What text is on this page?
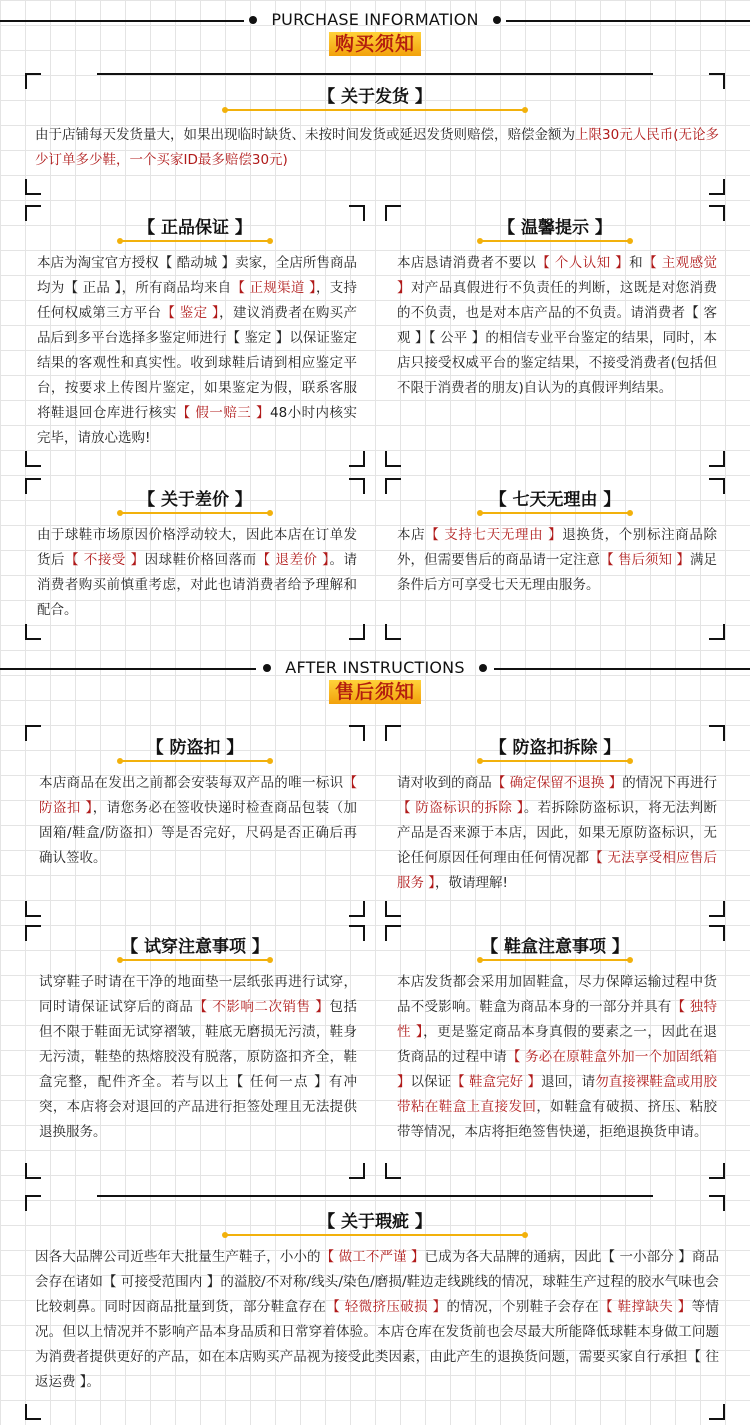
PURCHASE INFORMATION
购买须知
【 关于发货 】
由于店铺每天发货量大，如果出现临时缺货、未按时间发货或延迟发货则赔偿，赔偿金额为上限30元人民币(无论多少订单多少鞋，一个买家ID最多赔偿30元)
【 正品保证 】
本店为淘宝官方授权【 酷动城 】卖家，全店所售商品均为【 正品 】，所有商品均来自【 正规渠道 】，支持任何权威第三方平台【 鉴定 】，建议消费者在购买产品后到多平台选择多鉴定师进行【 鉴定 】以保证鉴定结果的客观性和真实性。收到球鞋后请到相应鉴定平台，按要求上传图片鉴定，如果鉴定为假，联系客服将鞋退回仓库进行核实【 假一赔三 】48小时内核实完毕，请放心选购!
【 温馨提示 】
本店恳请消费者不要以【 个人认知 】和【 主观感觉 】对产品真假进行不负责任的判断，这既是对您消费的不负责，也是对本店产品的不负责。请消费者【 客观 】【 公平 】的相信专业平台鉴定的结果，同时，本店只接受权威平台的鉴定结果，不接受消费者(包括但不限于消费者的朋友)自认为的真假评判结果。
【 关于差价 】
由于球鞋市场原因价格浮动较大，因此本店在订单发货后【 不接受 】因球鞋价格回落而【 退差价 】。请消费者购买前慎重考虑，对此也请消费者给予理解和配合。
【 七天无理由 】
本店【 支持七天无理由 】退换货，个别标注商品除外，但需要售后的商品请一定注意【 售后须知 】满足条件后方可享受七天无理由服务。
AFTER INSTRUCTIONS
售后须知
【 防盗扣 】
本店商品在发出之前都会安装每双产品的唯一标识【 防盗扣 】，请您务必在签收快递时检查商品包装（加固箱/鞋盒/防盗扣）等是否完好，尺码是否正确后再确认签收。
【 防盗扣拆除 】
请对收到的商品【 确定保留不退换 】的情况下再进行【 防盗标识的拆除 】。若拆除防盗标识，将无法判断产品是否来源于本店，因此，如果无原防盗标识，无论任何原因任何理由任何情况都【 无法享受相应售后服务 】，敬请理解!
【 试穿注意事项 】
试穿鞋子时请在干净的地面垫一层纸张再进行试穿，同时请保证试穿后的商品【 不影响二次销售 】包括但不限于鞋面无试穿褶皱，鞋底无磨损无污渍，鞋身无污渍，鞋垫的热熔胶没有脱落，原防盗扣齐全，鞋盒完整，配件齐全。若与以上【 任何一点 】有冲突，本店将会对退回的产品进行拒签处理且无法提供退换服务。
【 鞋盒注意事项 】
本店发货都会采用加固鞋盒，尽力保障运输过程中货品不受影响。鞋盒为商品本身的一部分并具有【 独特性 】，更是鉴定商品本身真假的要素之一，因此在退货商品的过程中请【 务必在原鞋盒外加一个加固纸箱 】以保证【 鞋盒完好 】退回，请勿直接裸鞋盒或用胶带粘在鞋盒上直接发回，如鞋盒有破损、挤压、粘胶带等情况，本店将拒绝签售快递，拒绝退换货申请。
【 关于瑕疵 】
因各大品牌公司近些年大批量生产鞋子，小小的【 做工不严谨 】已成为各大品牌的通病，因此【 一小部分 】商品会存在诸如【 可接受范围内 】的溢胶/不对称/线头/染色/磨损/鞋边走线跳线的情况，球鞋生产过程的胶水气味也会比较刺鼻。同时因商品批量到货，部分鞋盒存在【 轻微挤压破损 】的情况，个别鞋子会存在【 鞋撑缺失 】等情况。但以上情况并不影响产品本身品质和日常穿着体验。本店仓库在发货前也会尽最大所能降低球鞋本身做工问题为消费者提供更好的产品，如在本店购买产品视为接受此类因素，由此产生的退换货问题，需要买家自行承担【 往返运费 】。
